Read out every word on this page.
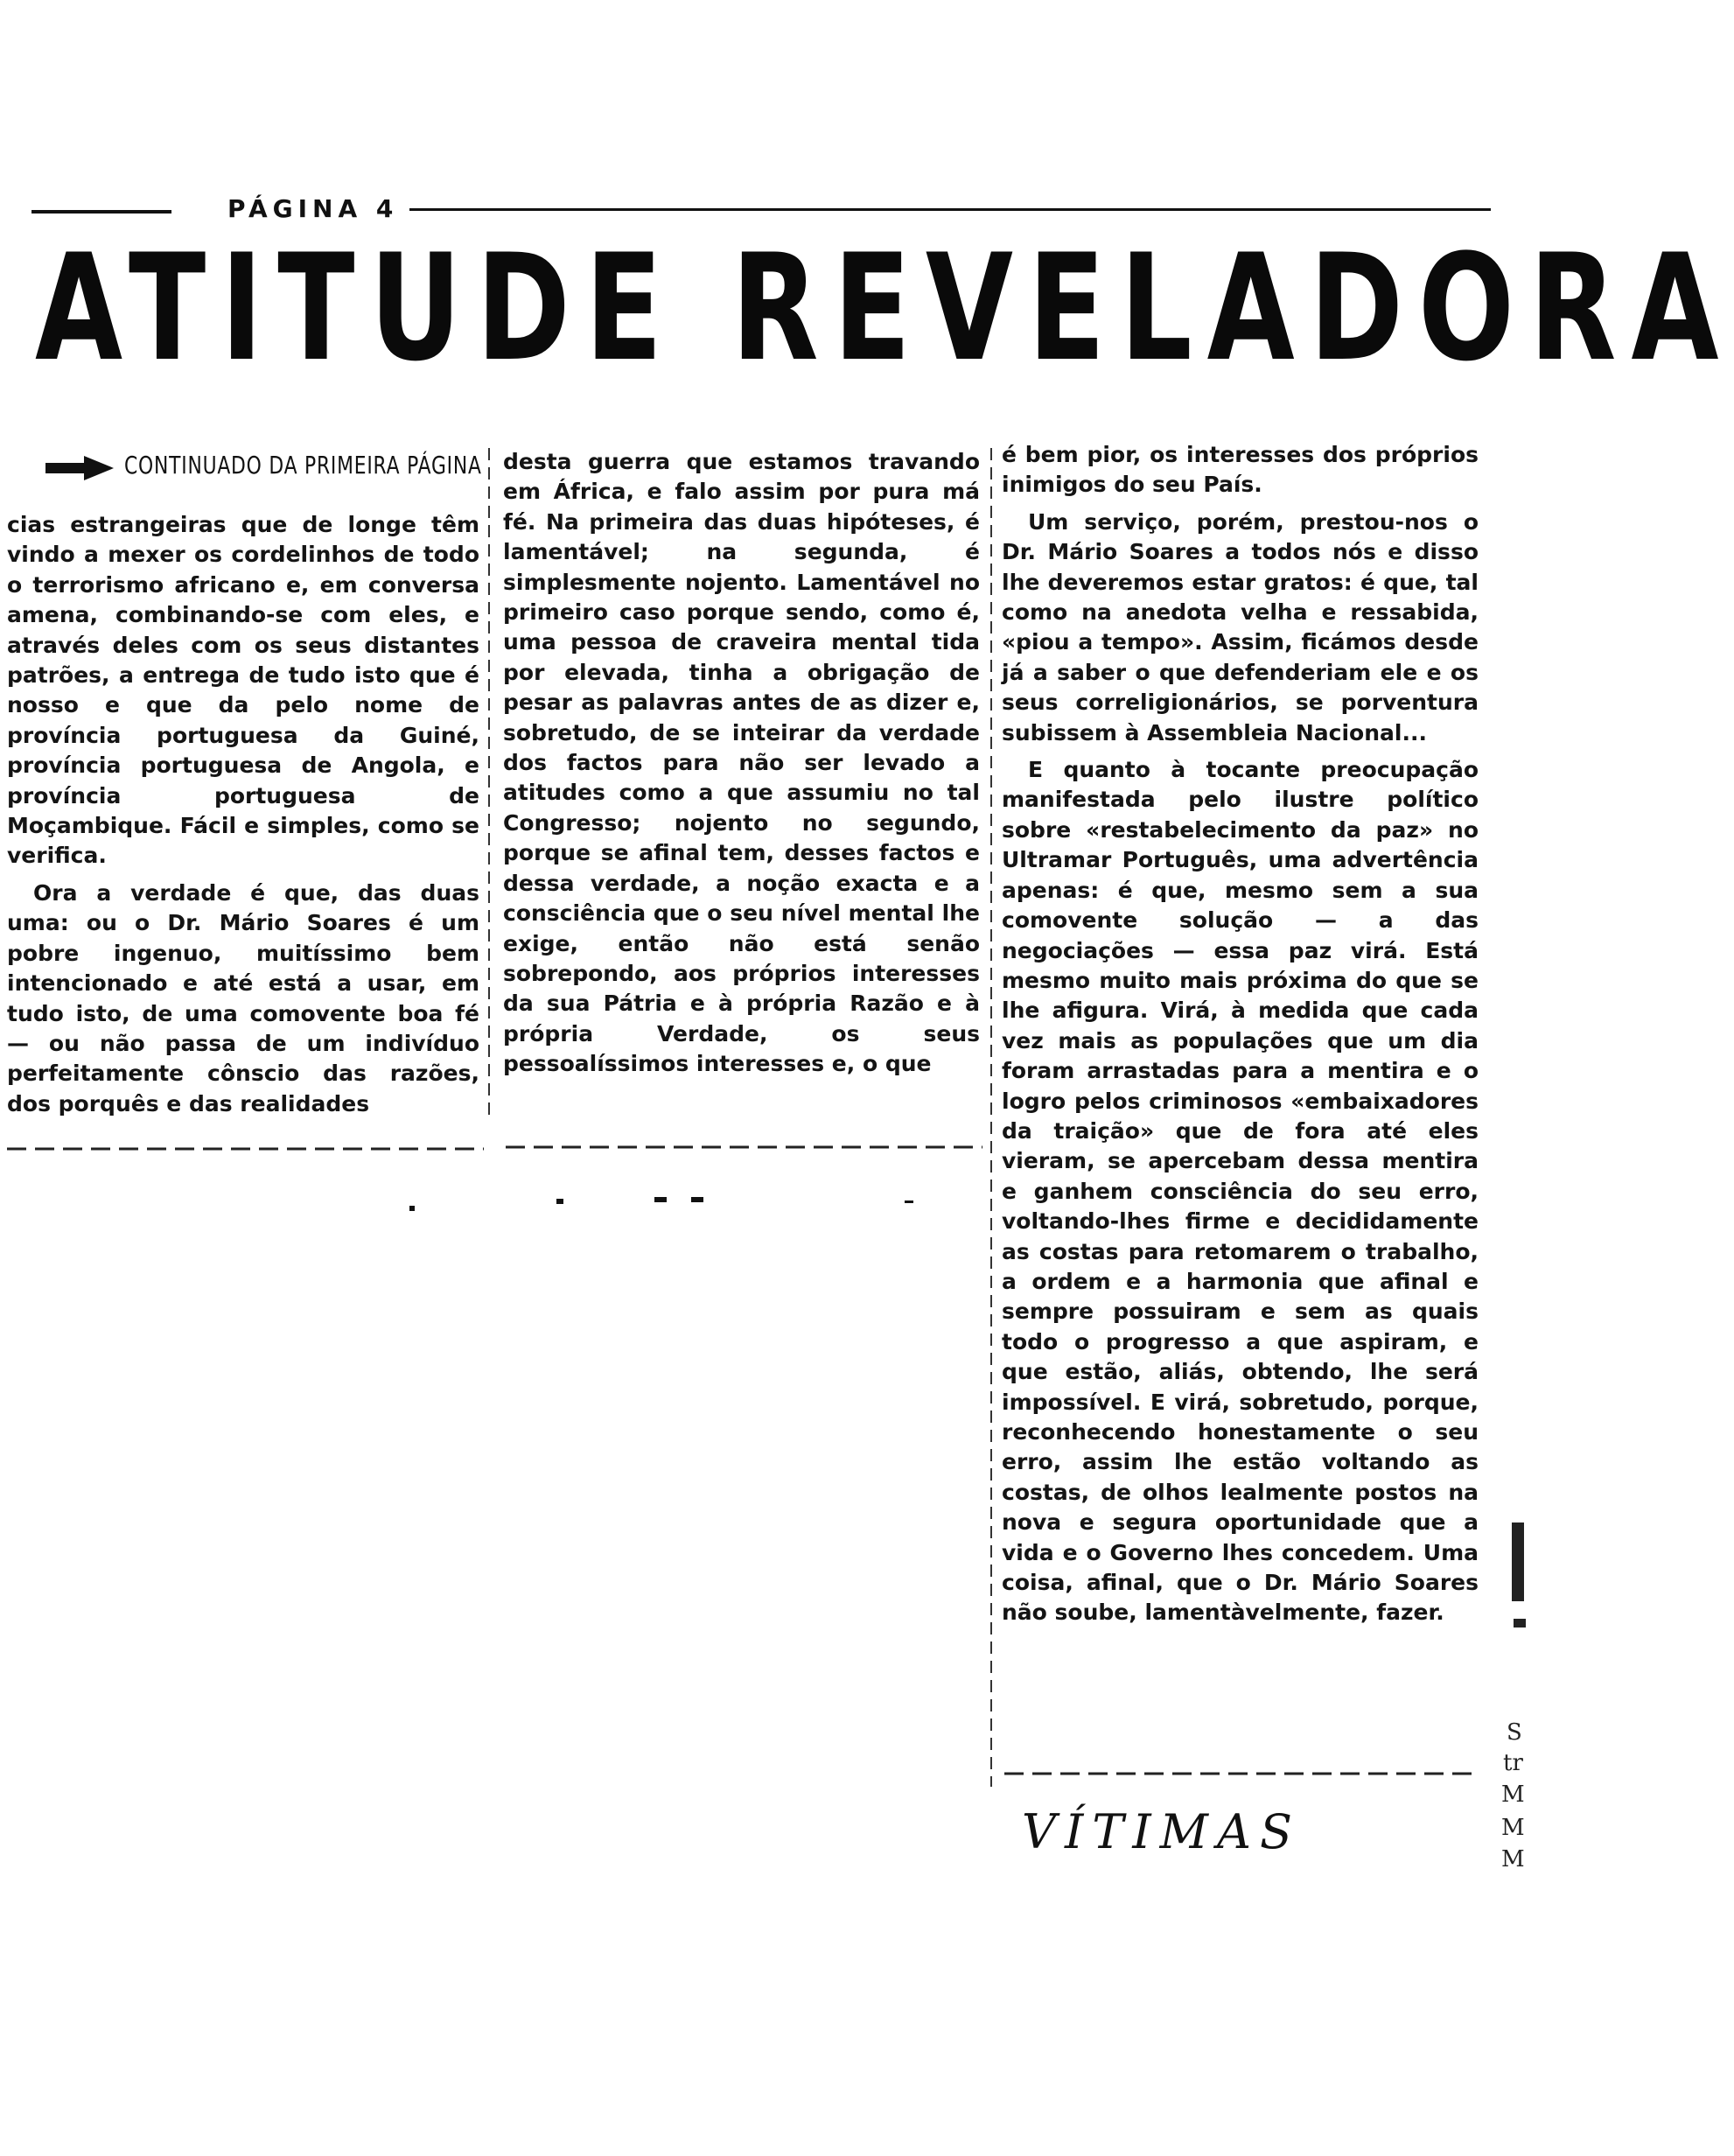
PÁGINA 4
ATITUDE REVELADORA
CONTINUADO DA PRIMEIRA PÁGINA

cias estrangeiras que de longe têm vindo a mexer os cordelinhos de todo o terrorismo africano e, em conversa amena, combinando-se com eles, e através deles com os seus distantes patrões, a entrega de tudo isto que é nosso e que da pelo nome de província portuguesa da Guiné, província portuguesa de Angola, e província portuguesa de Moçambique. Fácil e simples, como se verifica.

Ora a verdade é que, das duas uma: ou o Dr. Mário Soares é um pobre ingenuo, muitíssimo bem intencionado e até está a usar, em tudo isto, de uma comovente boa fé — ou não passa de um indivíduo perfeitamente cônscio das razões, dos porquês e das realidades

desta guerra que estamos travando em África, e falo assim por pura má fé. Na primeira das duas hipóteses, é lamentável; na segunda, é simplesmente nojento. Lamentável no primeiro caso porque sendo, como é, uma pessoa de craveira mental tida por elevada, tinha a obrigação de pesar as palavras antes de as dizer e, sobretudo, de se inteirar da verdade dos factos para não ser levado a atitudes como a que assumiu no tal Congresso; nojento no segundo, porque se afinal tem, desses factos e dessa verdade, a noção exacta e a consciência que o seu nível mental lhe exige, então não está senão sobrepondo, aos próprios interesses da sua Pátria e à própria Razão e à própria Verdade, os seus pessoalíssimos interesses e, o que

é bem pior, os interesses dos próprios inimigos do seu País.

Um serviço, porém, prestou-nos o Dr. Mário Soares a todos nós e disso lhe deveremos estar gratos: é que, tal como na anedota velha e ressabida, «piou a tempo». Assim, ficámos desde já a saber o que defenderiam ele e os seus correligionários, se porventura subissem à Assembleia Nacional...

E quanto à tocante preocupação manifestada pelo ilustre político sobre «restabelecimento da paz» no Ultramar Português, uma advertência apenas: é que, mesmo sem a sua comovente solução — a das negociações — essa paz virá. Está mesmo muito mais próxima do que se lhe afigura. Virá, à medida que cada vez mais as populações que um dia foram arrastadas para a mentira e o logro pelos criminosos «embaixadores da traição» que de fora até eles vieram, se apercebam dessa mentira e ganhem consciência do seu erro, voltando-lhes firme e decididamente as costas para retomarem o trabalho, a ordem e a harmonia que afinal e sempre possuiram e sem as quais todo o progresso a que aspiram, e que estão, aliás, obtendo, lhe será impossível. E virá, sobretudo, porque, reconhecendo honestamente o seu erro, assim lhe estão voltando as costas, de olhos lealmente postos na nova e segura oportunidade que a vida e o Governo lhes concedem. Uma coisa, afinal, que o Dr. Mário Soares não soube, lamentàvelmente, fazer.

VÍTIMAS
S
tr
M
M
M
